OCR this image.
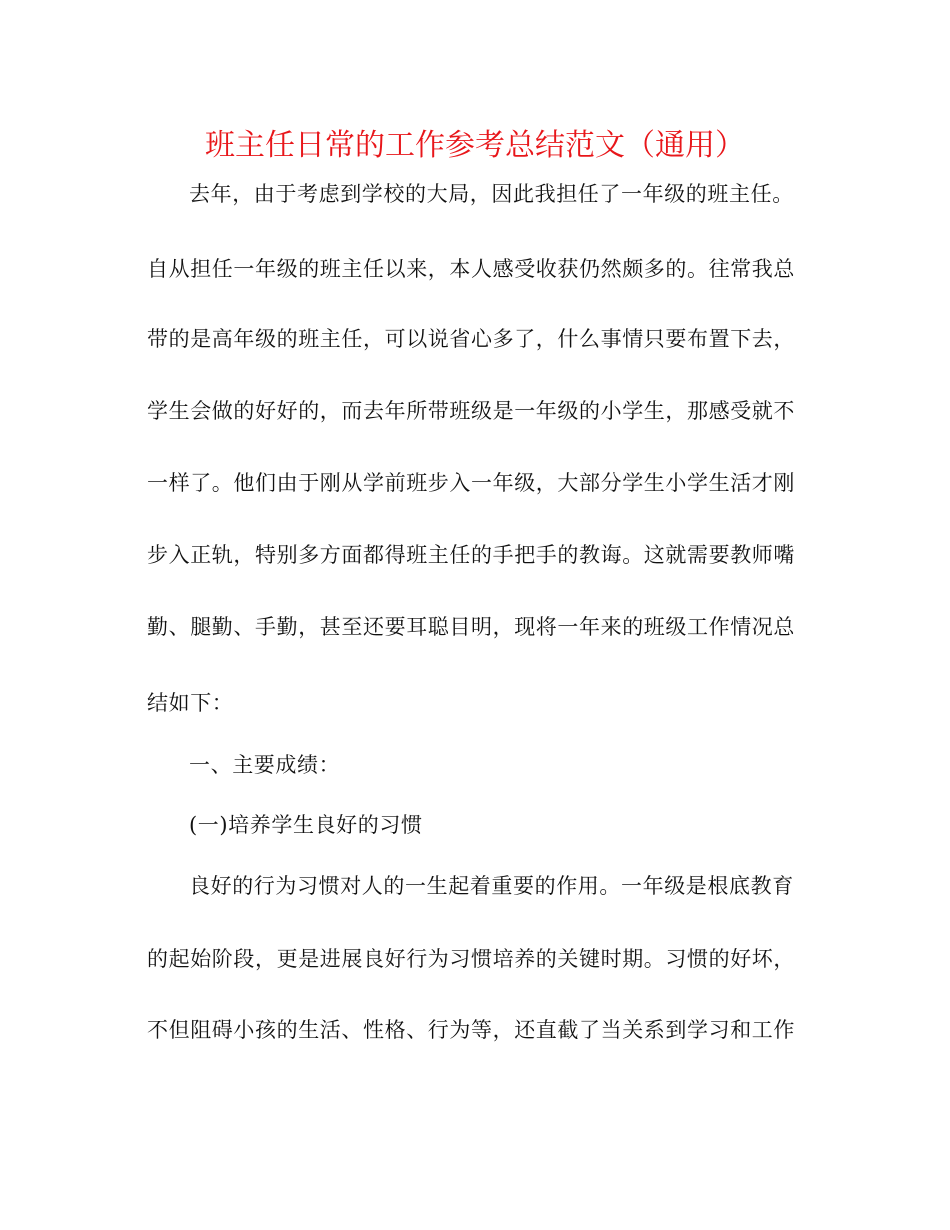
班主任日常的工作参考总结范文（通用）
去年，由于考虑到学校的大局，因此我担任了一年级的班主任。
自从担任一年级的班主任以来，本人感受收获仍然颇多的。往常我总
带的是高年级的班主任，可以说省心多了，什么事情只要布置下去，
学生会做的好好的，而去年所带班级是一年级的小学生，那感受就不
一样了。他们由于刚从学前班步入一年级，大部分学生小学生活才刚
步入正轨，特别多方面都得班主任的手把手的教诲。这就需要教师嘴
勤、腿勤、手勤，甚至还要耳聪目明，现将一年来的班级工作情况总
结如下：
一、主要成绩：
(一)培养学生良好的习惯
良好的行为习惯对人的一生起着重要的作用。一年级是根底教育
的起始阶段，更是进展良好行为习惯培养的关键时期。习惯的好坏，
不但阻碍小孩的生活、性格、行为等，还直截了当关系到学习和工作
